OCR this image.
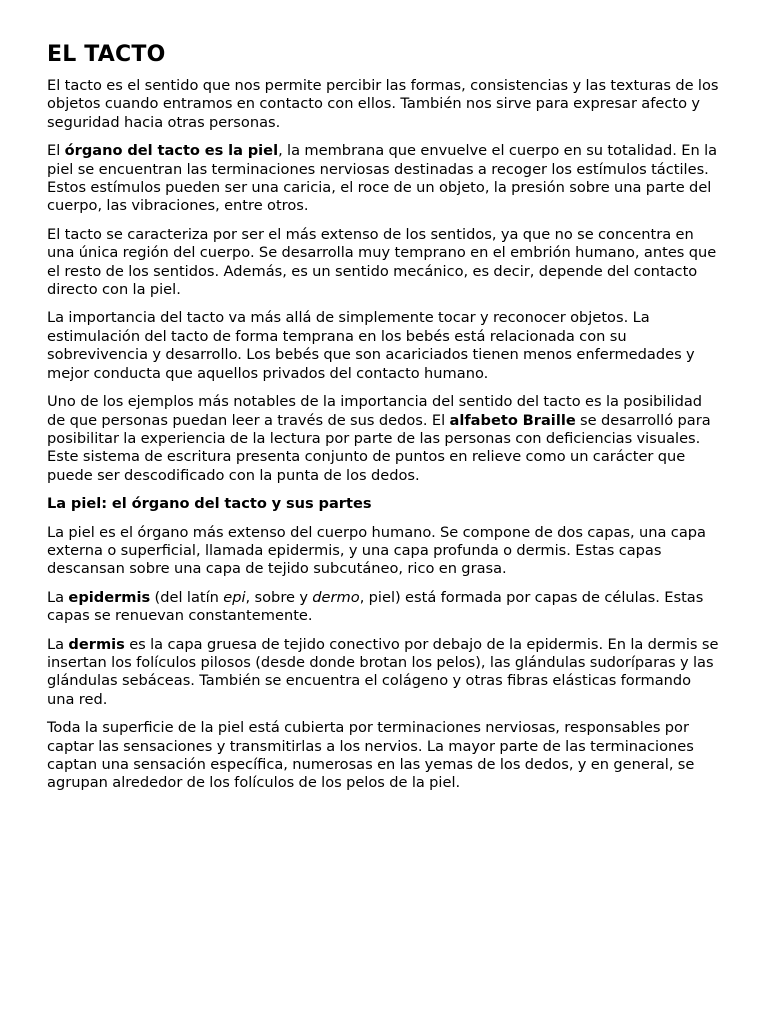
EL TACTO

El tacto es el sentido que nos permite percibir las formas, consistencias y las texturas de los objetos cuando entramos en contacto con ellos. También nos sirve para expresar afecto y seguridad hacia otras personas.

El órgano del tacto es la piel, la membrana que envuelve el cuerpo en su totalidad. En la piel se encuentran las terminaciones nerviosas destinadas a recoger los estímulos táctiles. Estos estímulos pueden ser una caricia, el roce de un objeto, la presión sobre una parte del cuerpo, las vibraciones, entre otros.

El tacto se caracteriza por ser el más extenso de los sentidos, ya que no se concentra en una única región del cuerpo. Se desarrolla muy temprano en el embrión humano, antes que el resto de los sentidos. Además, es un sentido mecánico, es decir, depende del contacto directo con la piel.

La importancia del tacto va más allá de simplemente tocar y reconocer objetos. La estimulación del tacto de forma temprana en los bebés está relacionada con su sobrevivencia y desarrollo. Los bebés que son acariciados tienen menos enfermedades y mejor conducta que aquellos privados del contacto humano.

Uno de los ejemplos más notables de la importancia del sentido del tacto es la posibilidad de que personas puedan leer a través de sus dedos. El alfabeto Braille se desarrolló para posibilitar la experiencia de la lectura por parte de las personas con deficiencias visuales. Este sistema de escritura presenta conjunto de puntos en relieve como un carácter que puede ser descodificado con la punta de los dedos.

La piel: el órgano del tacto y sus partes

La piel es el órgano más extenso del cuerpo humano. Se compone de dos capas, una capa externa o superficial, llamada epidermis, y una capa profunda o dermis. Estas capas descansan sobre una capa de tejido subcutáneo, rico en grasa.

La epidermis (del latín epi, sobre y dermo, piel) está formada por capas de células. Estas capas se renuevan constantemente.

La dermis es la capa gruesa de tejido conectivo por debajo de la epidermis. En la dermis se insertan los folículos pilosos (desde donde brotan los pelos), las glándulas sudoríparas y las glándulas sebáceas. También se encuentra el colágeno y otras fibras elásticas formando una red.

Toda la superficie de la piel está cubierta por terminaciones nerviosas, responsables por captar las sensaciones y transmitirlas a los nervios. La mayor parte de las terminaciones captan una sensación específica, numerosas en las yemas de los dedos, y en general, se agrupan alrededor de los folículos de los pelos de la piel.
